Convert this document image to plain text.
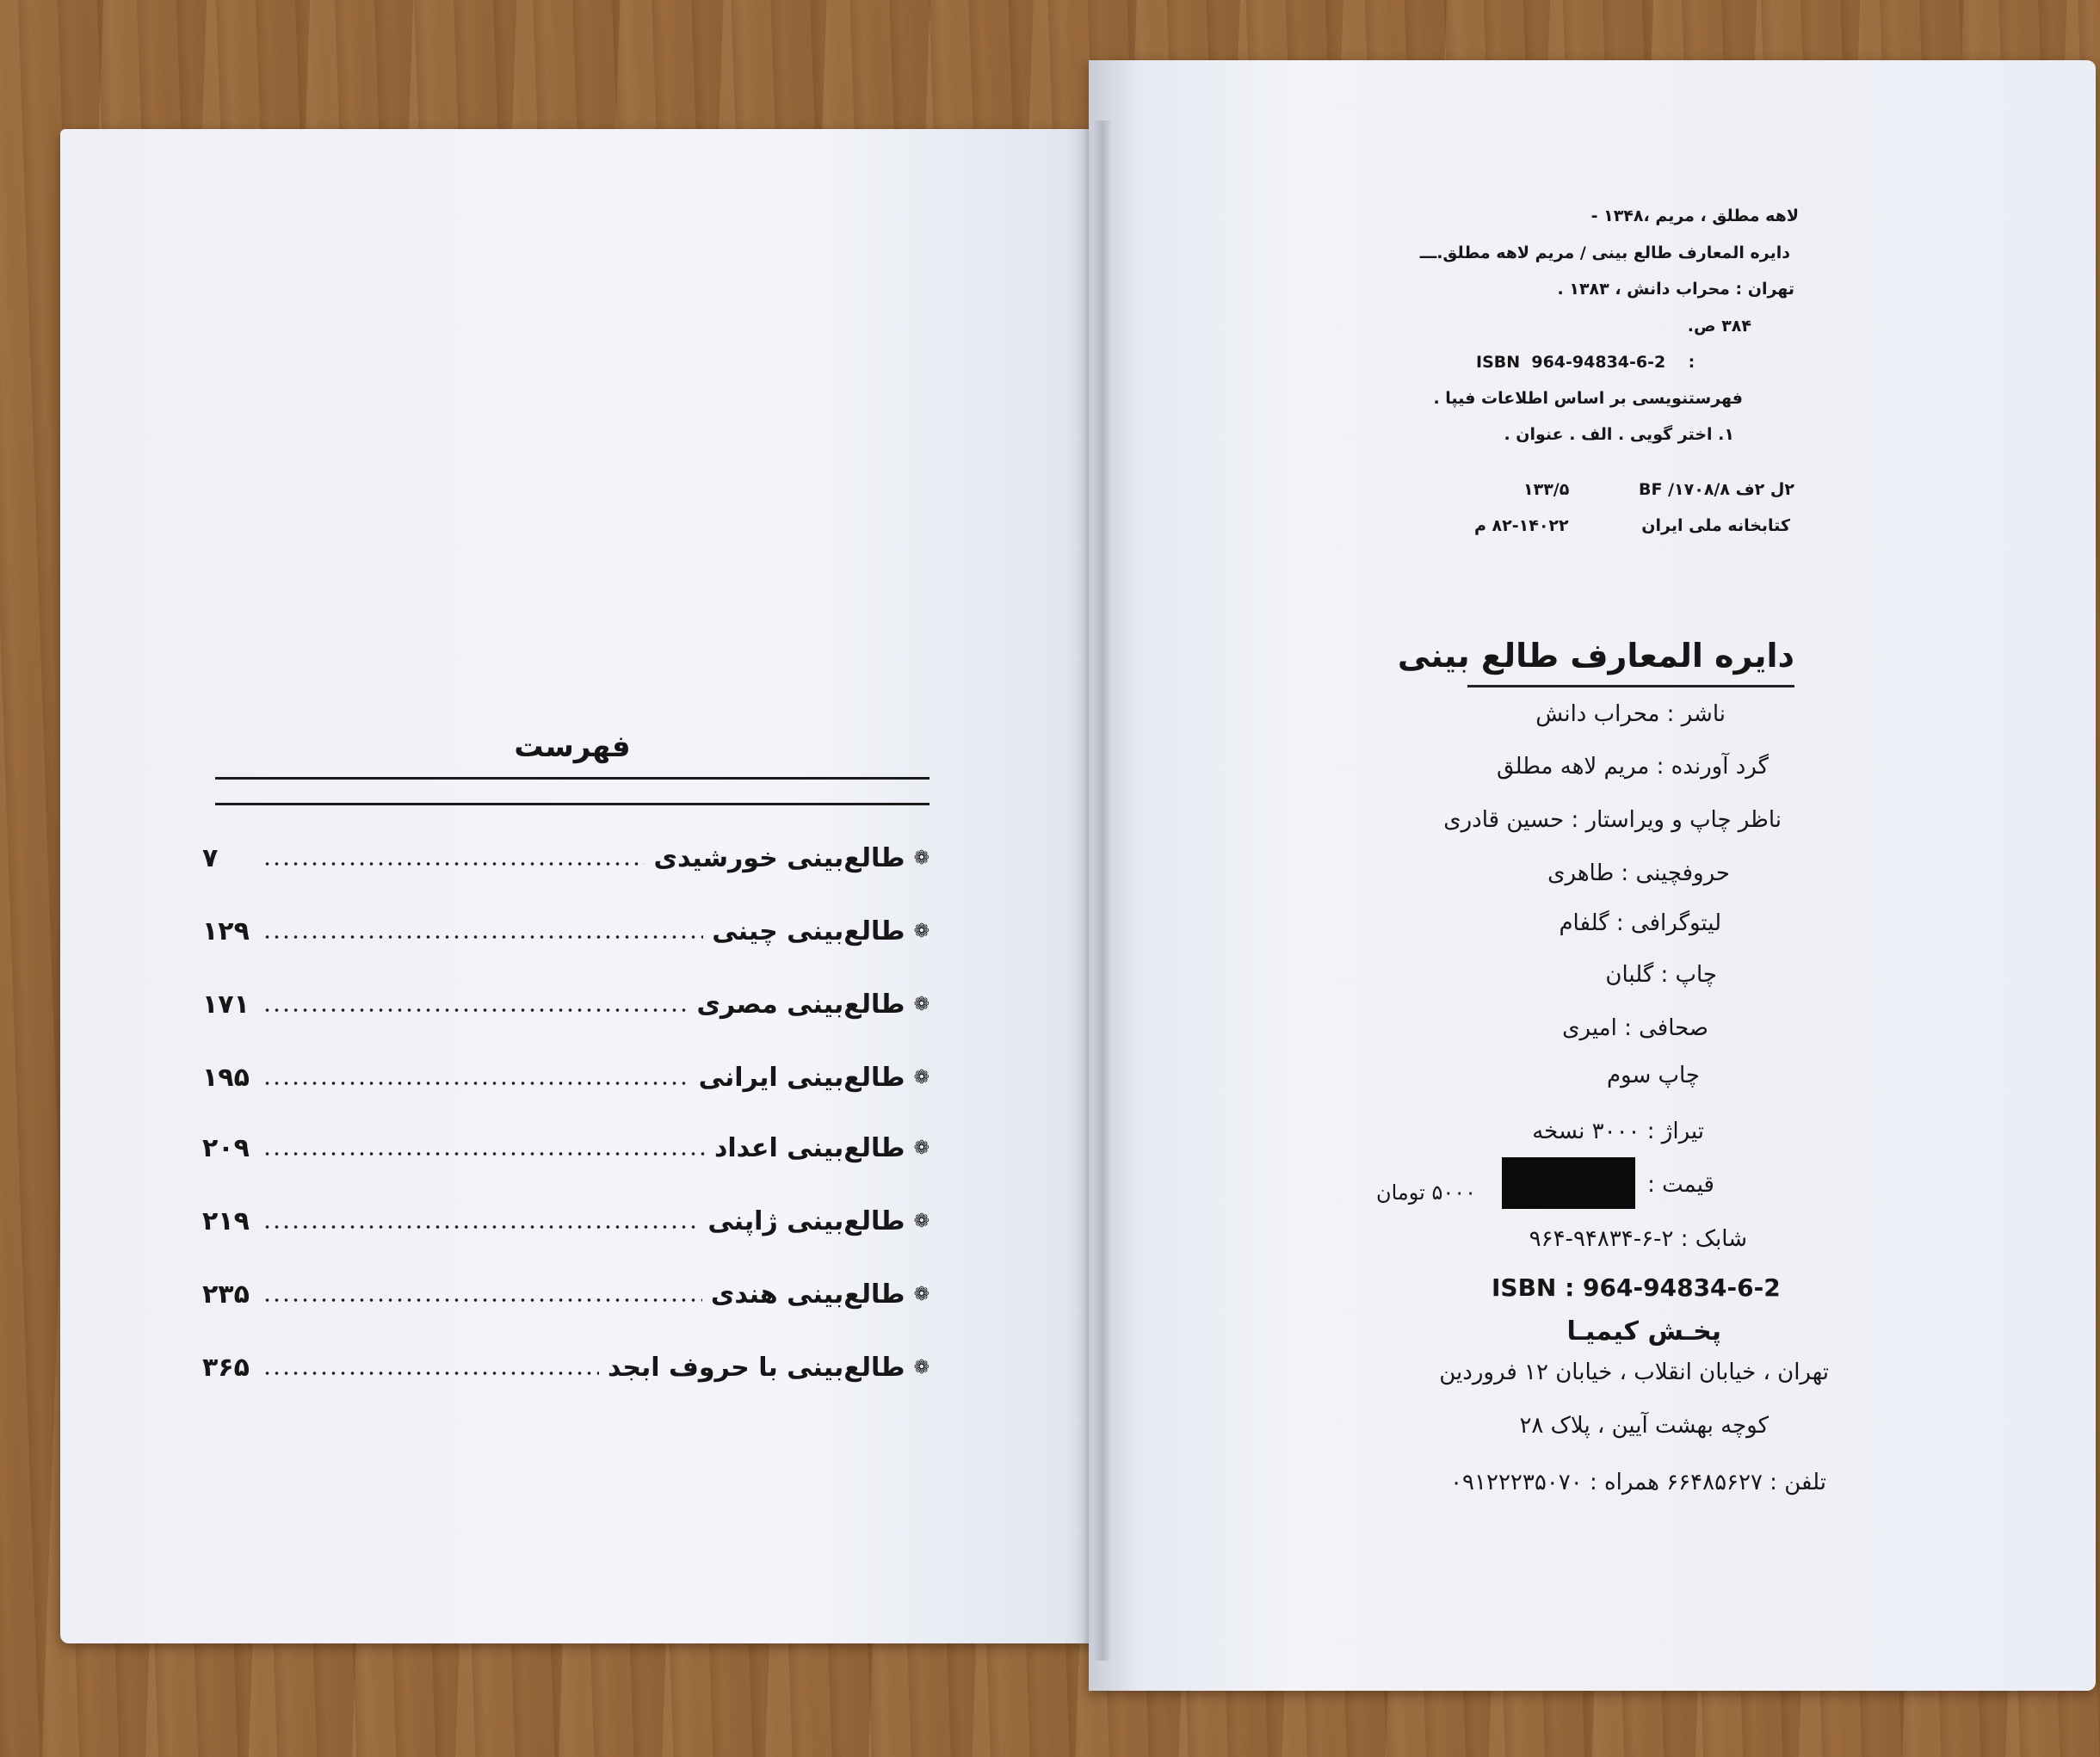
فهرست
❁
طالع‌بینی خورشیدی
۷
❁
طالع‌بینی چینی
۱۲۹
❁
طالع‌بینی مصری
۱۷۱
❁
طالع‌بینی ایرانی
۱۹۵
❁
طالع‌بینی اعداد
۲۰۹
❁
طالع‌بینی ژاپنی
۲۱۹
❁
طالع‌بینی هندی
۲۳۵
❁
طالع‌بینی با حروف ابجد
۳۶۵
لاهه مطلق ، مریم ،۱۳۴۸ -
دایره المعارف طالع بینی / مریم لاهه مطلق.ـــ
تهران : محراب دانش ، ۱۳۸۳ .
۳۸۴ ص.
ISBN  964-94834-6-2    :
فهرستنویسی بر اساس اطلاعات فیپا .
۱. اختر گویی . الف . عنوان .
۲ل ۲ف ۱۷۰۸/۸/ BF
۱۳۳/۵
کتابخانه ملی ایران
۸۲-۱۴۰۲۲ م
دایره المعارف طالع بینی
ناشر : محراب دانش
گرد آورنده : مریم لاهه مطلق
ناظر چاپ و ویراستار : حسین قادری
حروفچینی : طاهری
لیتوگرافی : گلفام
چاپ : گلبان
صحافی : امیری
چاپ سوم
تیراژ : ۳۰۰۰ نسخه
قیمت :
۵۰۰۰ تومان
شابک : ۲-۶-۹۴۸۳۴-۹۶۴
ISBN : 964-94834-6-2
پخـش کیمیـا
تهران ، خیابان انقلاب ، خیابان ۱۲ فروردین
کوچه بهشت آیین ، پلاک ۲۸
تلفن : ۶۶۴۸۵۶۲۷ همراه : ۰۹۱۲۲۲۳۵۰۷۰
